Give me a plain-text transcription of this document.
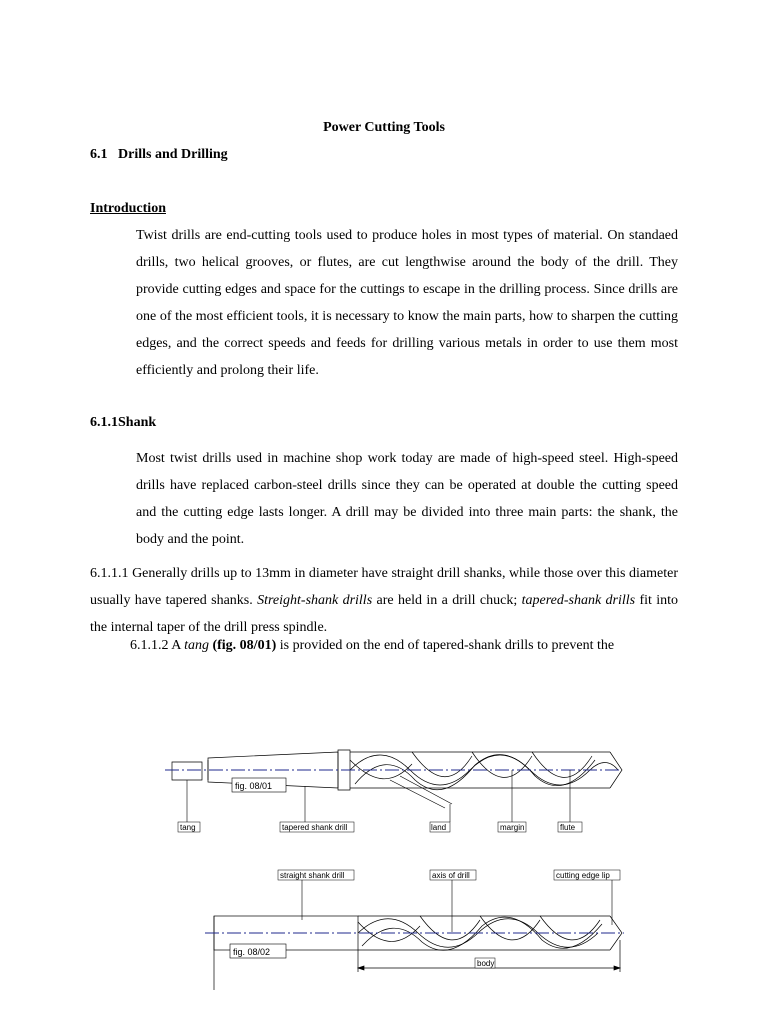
Power Cutting Tools
6.1 Drills and Drilling
Introduction
Twist drills are end-cutting tools used to produce holes in most types of material. On standaed drills, two helical grooves, or flutes, are cut lengthwise around the body of the drill. They provide cutting edges and space for the cuttings to escape in the drilling process. Since drills are one of the most efficient tools, it is necessary to know the main parts, how to sharpen the cutting edges, and the correct speeds and feeds for drilling various metals in order to use them most efficiently and prolong their life.
6.1.1Shank
Most twist drills used in machine shop work today are made of high-speed steel. High-speed drills have replaced carbon-steel drills since they can be operated at double the cutting speed and the cutting edge lasts longer. A drill may be divided into three main parts: the shank, the body and the point.
6.1.1.1 Generally drills up to 13mm in diameter have straight drill shanks, while those over this diameter usually have tapered shanks. Streight-shank drills are held in a drill chuck; tapered-shank drills fit into the internal taper of the drill press spindle.
6.1.1.2 A tang (fig. 08/01) is provided on the end of tapered-shank drills to prevent the
fig. 08/01
tang	tapered shank drill	land	margin	flute
straight shank drill	axis of drill	cutting edge lip
fig. 08/02
body
